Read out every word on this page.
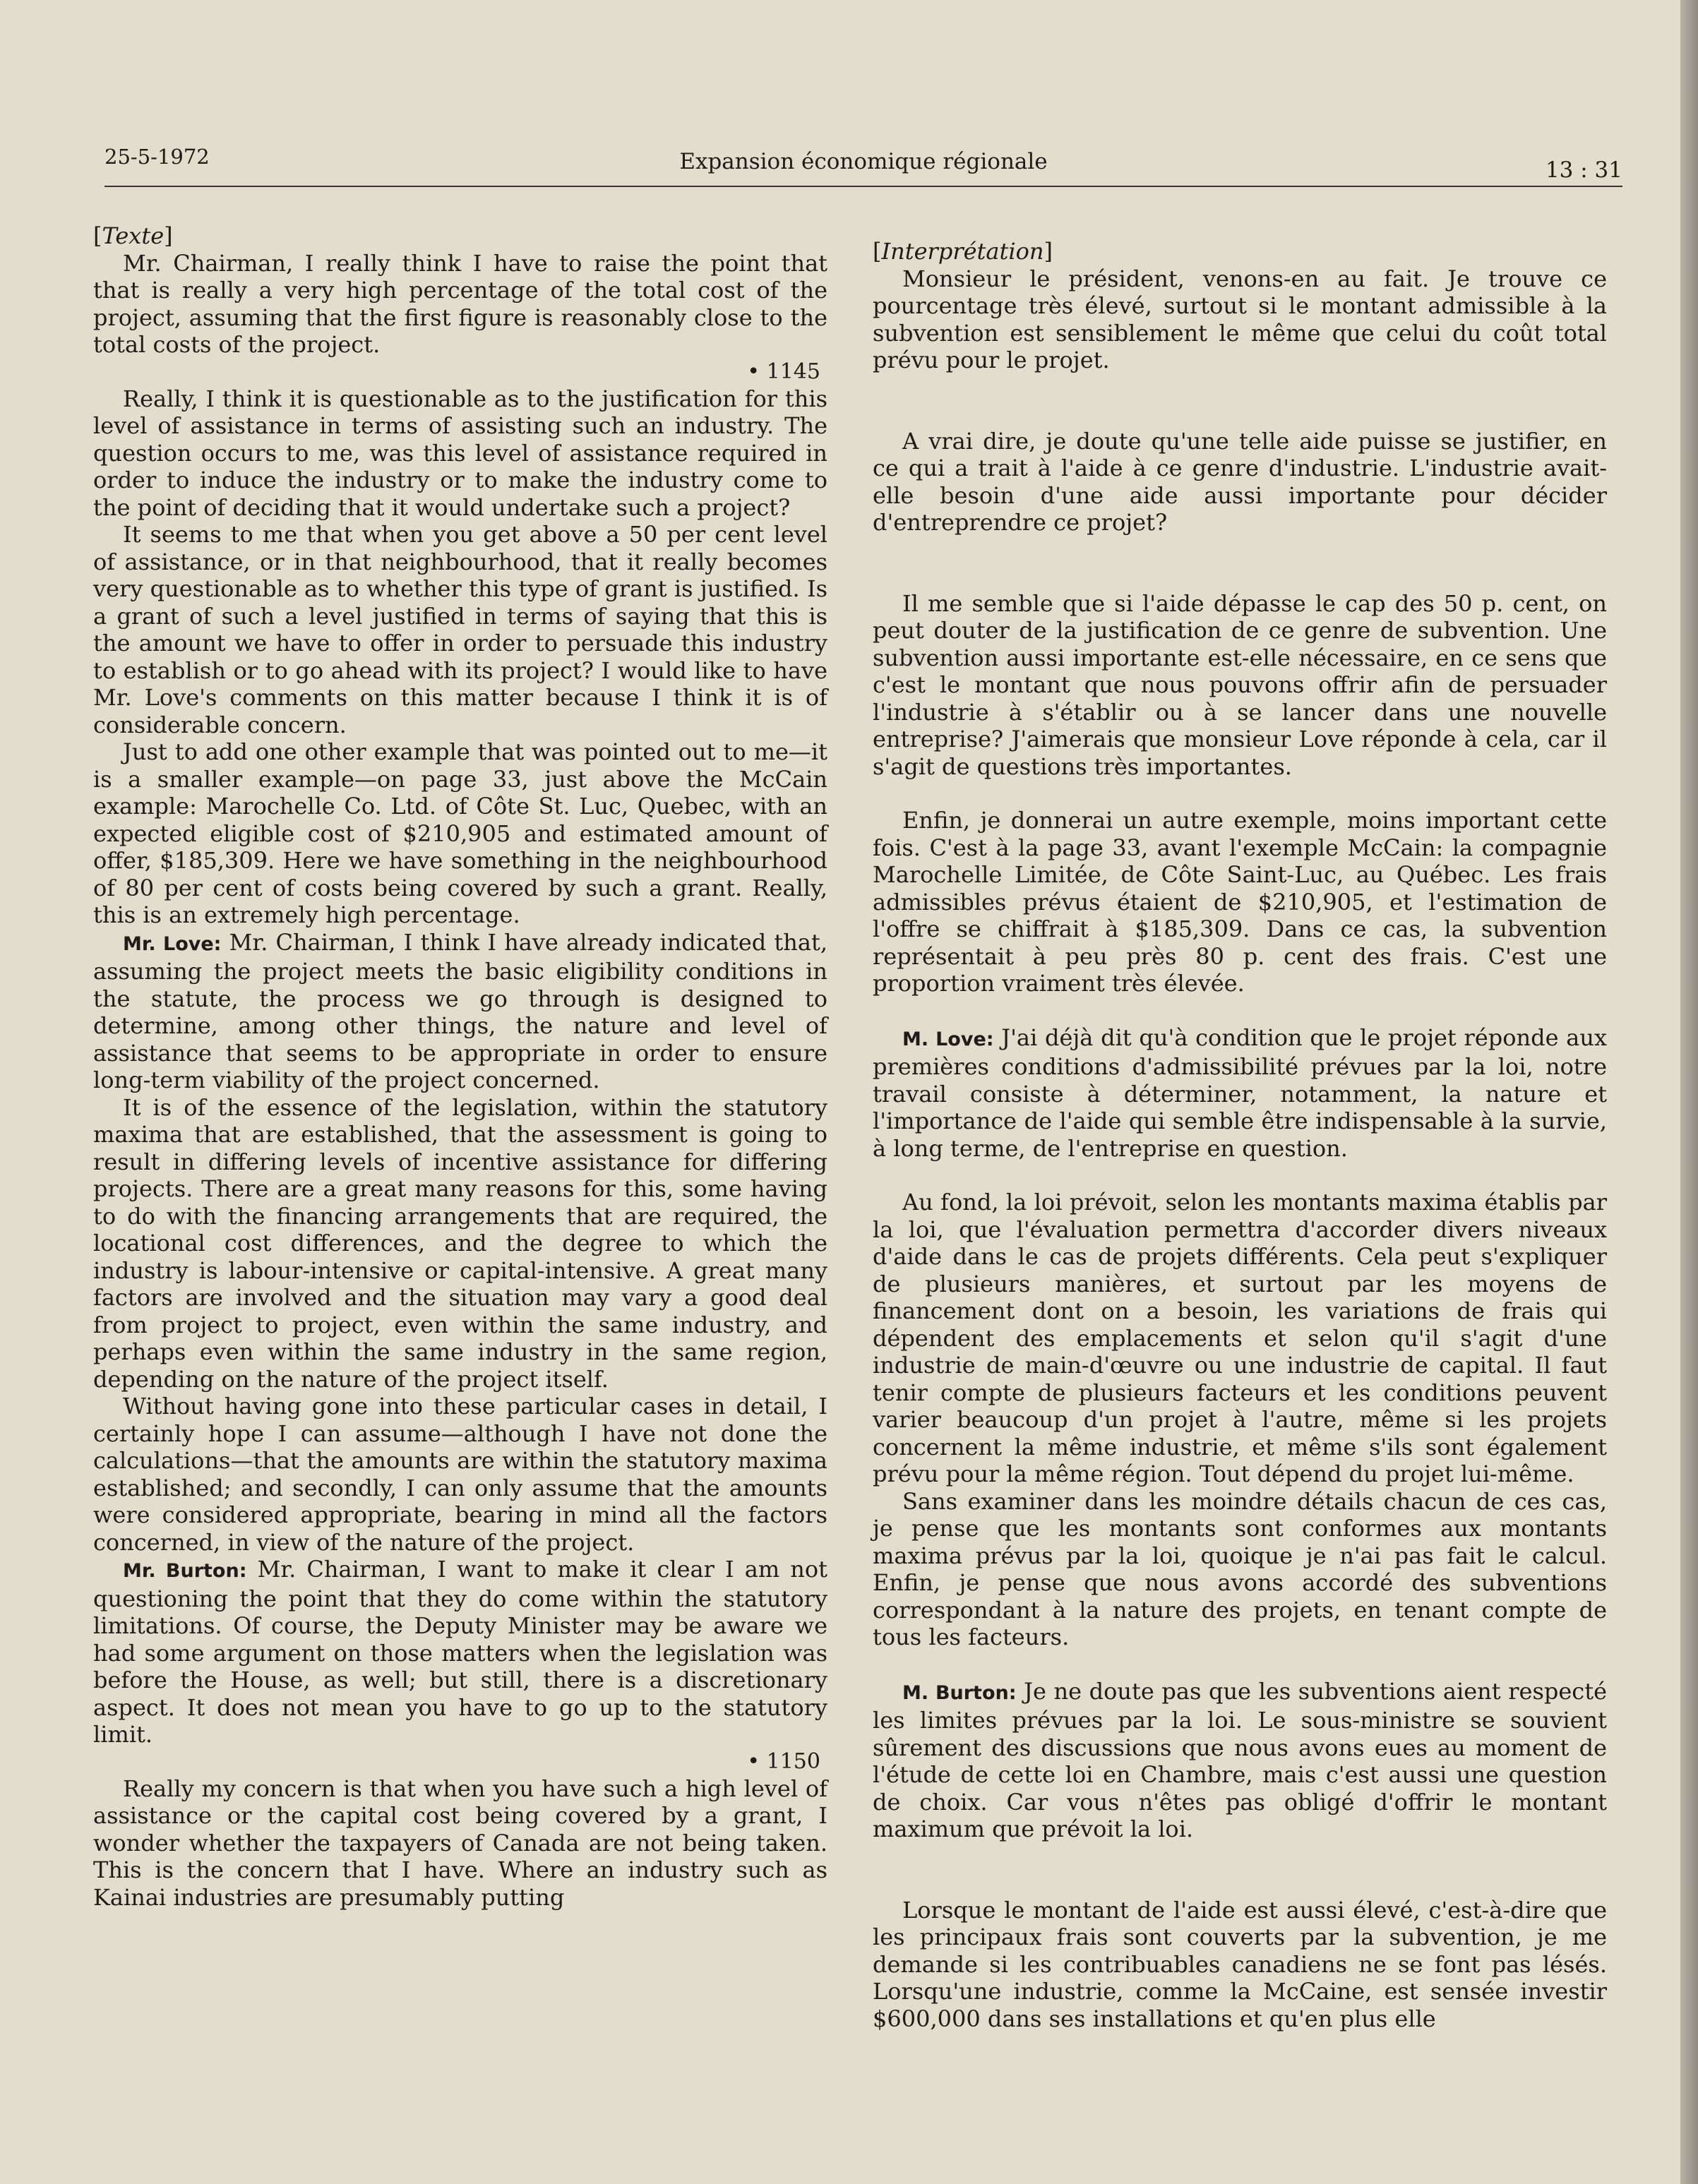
25-5-1972	Expansion économique régionale	13 : 31

[Texte]

Mr. Chairman, I really think I have to raise the point that that is really a very high percentage of the total cost of the project, assuming that the first figure is reasonably close to the total costs of the project.

• 1145

Really, I think it is questionable as to the justification for this level of assistance in terms of assisting such an industry. The question occurs to me, was this level of assistance required in order to induce the industry or to make the industry come to the point of deciding that it would undertake such a project?

It seems to me that when you get above a 50 per cent level of assistance, or in that neighbourhood, that it really becomes very questionable as to whether this type of grant is justified. Is a grant of such a level justified in terms of saying that this is the amount we have to offer in order to persuade this industry to establish or to go ahead with its project? I would like to have Mr. Love's comments on this matter because I think it is of considerable concern.

Just to add one other example that was pointed out to me—it is a smaller example—on page 33, just above the McCain example: Marochelle Co. Ltd. of Côte St. Luc, Quebec, with an expected eligible cost of $210,905 and estimated amount of offer, $185,309. Here we have something in the neighbourhood of 80 per cent of costs being covered by such a grant. Really, this is an extremely high percentage.

Mr. Love: Mr. Chairman, I think I have already indicated that, assuming the project meets the basic eligibility conditions in the statute, the process we go through is designed to determine, among other things, the nature and level of assistance that seems to be appropriate in order to ensure long-term viability of the project concerned.

It is of the essence of the legislation, within the statutory maxima that are established, that the assessment is going to result in differing levels of incentive assistance for differing projects. There are a great many reasons for this, some having to do with the financing arrangements that are required, the locational cost differences, and the degree to which the industry is labour-intensive or capital-intensive. A great many factors are involved and the situation may vary a good deal from project to project, even within the same industry, and perhaps even within the same industry in the same region, depending on the nature of the project itself.

Without having gone into these particular cases in detail, I certainly hope I can assume—although I have not done the calculations—that the amounts are within the statutory maxima established; and secondly, I can only assume that the amounts were considered appropriate, bearing in mind all the factors concerned, in view of the nature of the project.

Mr. Burton: Mr. Chairman, I want to make it clear I am not questioning the point that they do come within the statutory limitations. Of course, the Deputy Minister may be aware we had some argument on those matters when the legislation was before the House, as well; but still, there is a discretionary aspect. It does not mean you have to go up to the statutory limit.

• 1150

Really my concern is that when you have such a high level of assistance or the capital cost being covered by a grant, I wonder whether the taxpayers of Canada are not being taken. This is the concern that I have. Where an industry such as Kainai industries are presumably putting

[Interprétation]

Monsieur le président, venons-en au fait. Je trouve ce pourcentage très élevé, surtout si le montant admissible à la subvention est sensiblement le même que celui du coût total prévu pour le projet.

A vrai dire, je doute qu'une telle aide puisse se justifier, en ce qui a trait à l'aide à ce genre d'industrie. L'industrie avait-elle besoin d'une aide aussi importante pour décider d'entreprendre ce projet?

Il me semble que si l'aide dépasse le cap des 50 p. cent, on peut douter de la justification de ce genre de subvention. Une subvention aussi importante est-elle nécessaire, en ce sens que c'est le montant que nous pouvons offrir afin de persuader l'industrie à s'établir ou à se lancer dans une nouvelle entreprise? J'aimerais que monsieur Love réponde à cela, car il s'agit de questions très importantes.

Enfin, je donnerai un autre exemple, moins important cette fois. C'est à la page 33, avant l'exemple McCain: la compagnie Marochelle Limitée, de Côte Saint-Luc, au Québec. Les frais admissibles prévus étaient de $210,905, et l'estimation de l'offre se chiffrait à $185,309. Dans ce cas, la subvention représentait à peu près 80 p. cent des frais. C'est une proportion vraiment très élevée.

M. Love: J'ai déjà dit qu'à condition que le projet réponde aux premières conditions d'admissibilité prévues par la loi, notre travail consiste à déterminer, notamment, la nature et l'importance de l'aide qui semble être indispensable à la survie, à long terme, de l'entreprise en question.

Au fond, la loi prévoit, selon les montants maxima établis par la loi, que l'évaluation permettra d'accorder divers niveaux d'aide dans le cas de projets différents. Cela peut s'expliquer de plusieurs manières, et surtout par les moyens de financement dont on a besoin, les variations de frais qui dépendent des emplacements et selon qu'il s'agit d'une industrie de main-d'œuvre ou une industrie de capital. Il faut tenir compte de plusieurs facteurs et les conditions peuvent varier beaucoup d'un projet à l'autre, même si les projets concernent la même industrie, et même s'ils sont également prévu pour la même région. Tout dépend du projet lui-même.

Sans examiner dans les moindre détails chacun de ces cas, je pense que les montants sont conformes aux montants maxima prévus par la loi, quoique je n'ai pas fait le calcul. Enfin, je pense que nous avons accordé des subventions correspondant à la nature des projets, en tenant compte de tous les facteurs.

M. Burton: Je ne doute pas que les subventions aient respecté les limites prévues par la loi. Le sous-ministre se souvient sûrement des discussions que nous avons eues au moment de l'étude de cette loi en Chambre, mais c'est aussi une question de choix. Car vous n'êtes pas obligé d'offrir le montant maximum que prévoit la loi.

Lorsque le montant de l'aide est aussi élevé, c'est-à-dire que les principaux frais sont couverts par la subvention, je me demande si les contribuables canadiens ne se font pas lésés. Lorsqu'une industrie, comme la McCaine, est sensée investir $600,000 dans ses installations et qu'en plus elle
